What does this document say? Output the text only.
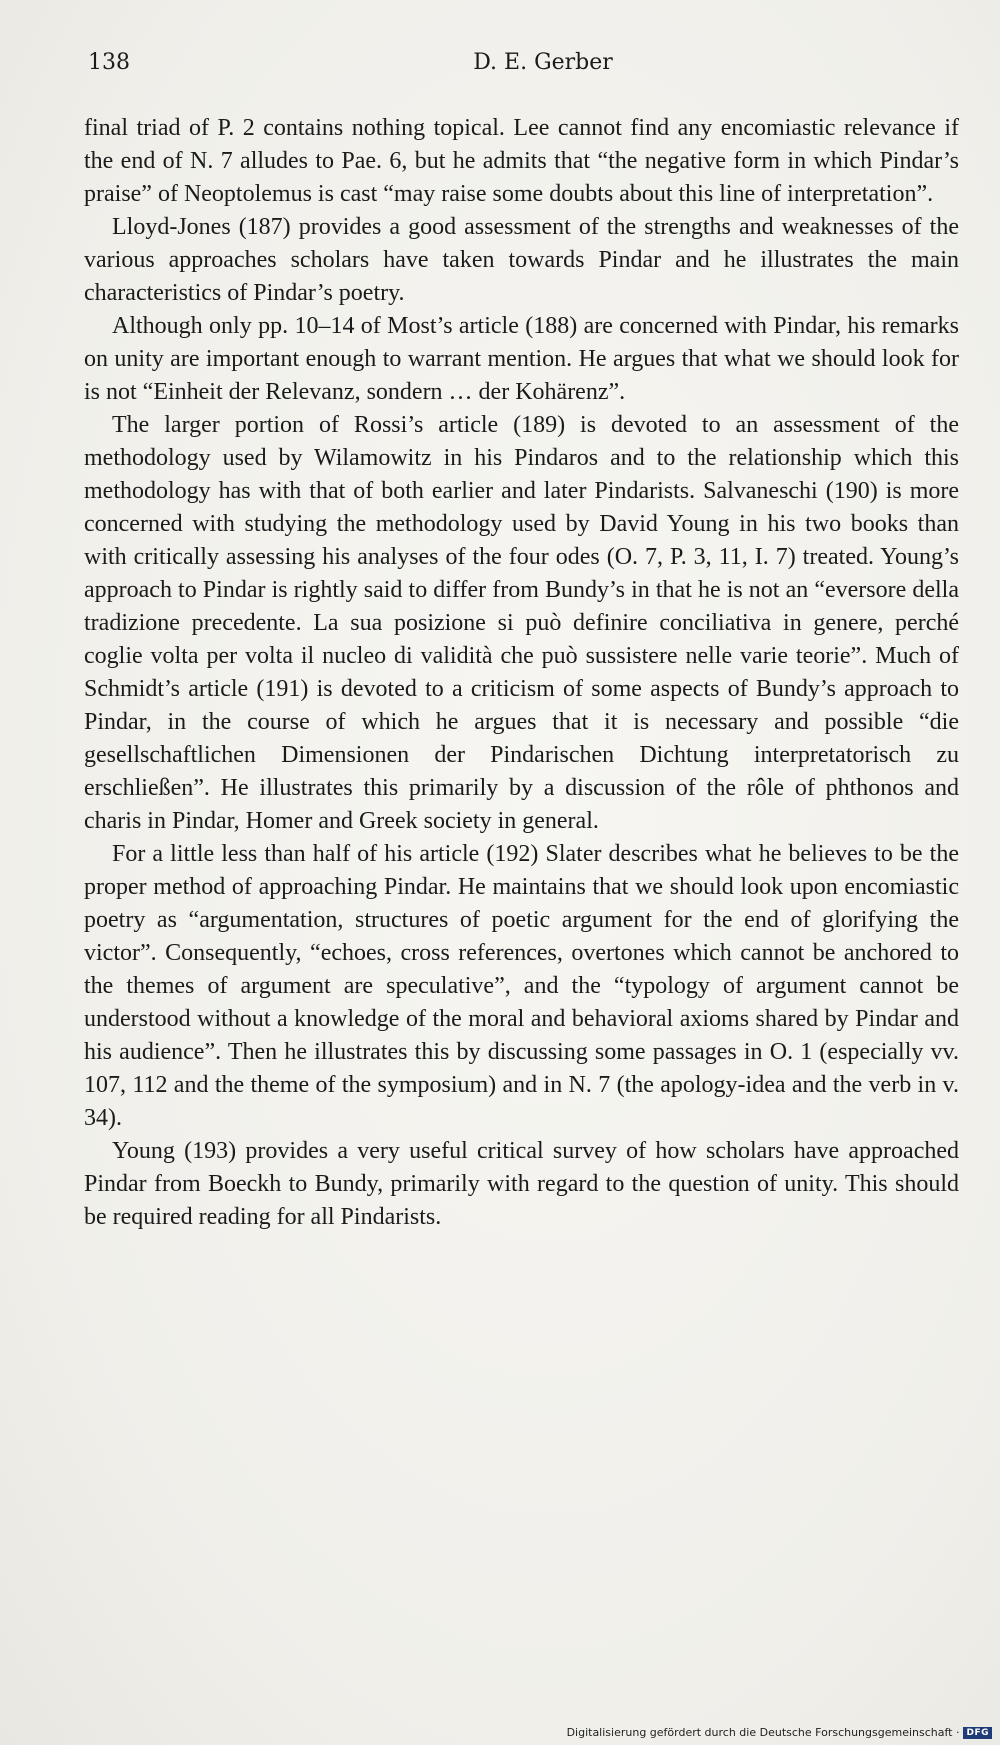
138	D. E. Gerber

final triad of P. 2 contains nothing topical. Lee cannot find any encomiastic relevance if the end of N. 7 alludes to Pae. 6, but he admits that “the negative form in which Pindar’s praise” of Neoptolemus is cast “may raise some doubts about this line of interpretation”.

Lloyd-Jones (187) provides a good assessment of the strengths and weaknesses of the various approaches scholars have taken towards Pindar and he illustrates the main characteristics of Pindar’s poetry.

Although only pp. 10–14 of Most’s article (188) are concerned with Pindar, his remarks on unity are important enough to warrant mention. He argues that what we should look for is not “Einheit der Relevanz, sondern … der Kohärenz”.

The larger portion of Rossi’s article (189) is devoted to an assessment of the methodology used by Wilamowitz in his Pindaros and to the relationship which this methodology has with that of both earlier and later Pindarists. Salvaneschi (190) is more concerned with studying the methodology used by David Young in his two books than with critically assessing his analyses of the four odes (O. 7, P. 3, 11, I. 7) treated. Young’s approach to Pindar is rightly said to differ from Bundy’s in that he is not an “eversore della tradizione precedente. La sua posizione si può definire conciliativa in genere, perché coglie volta per volta il nucleo di validità che può sussistere nelle varie teorie”. Much of Schmidt’s article (191) is devoted to a criticism of some aspects of Bundy’s approach to Pindar, in the course of which he argues that it is necessary and possible “die gesellschaftlichen Dimensionen der Pindarischen Dichtung interpretatorisch zu erschließen”. He illustrates this primarily by a discussion of the rôle of phthonos and charis in Pindar, Homer and Greek society in general.

For a little less than half of his article (192) Slater describes what he believes to be the proper method of approaching Pindar. He maintains that we should look upon encomiastic poetry as “argumentation, structures of poetic argument for the end of glorifying the victor”. Consequently, “echoes, cross references, overtones which cannot be anchored to the themes of argument are speculative”, and the “typology of argument cannot be understood without a knowledge of the moral and behavioral axioms shared by Pindar and his audience”. Then he illustrates this by discussing some passages in O. 1 (especially vv. 107, 112 and the theme of the symposium) and in N. 7 (the apology-idea and the verb in v. 34).

Young (193) provides a very useful critical survey of how scholars have approached Pindar from Boeckh to Bundy, primarily with regard to the question of unity. This should be required reading for all Pindarists.

Digitalisierung gefördert durch die Deutsche Forschungsgemeinschaft · DFG
